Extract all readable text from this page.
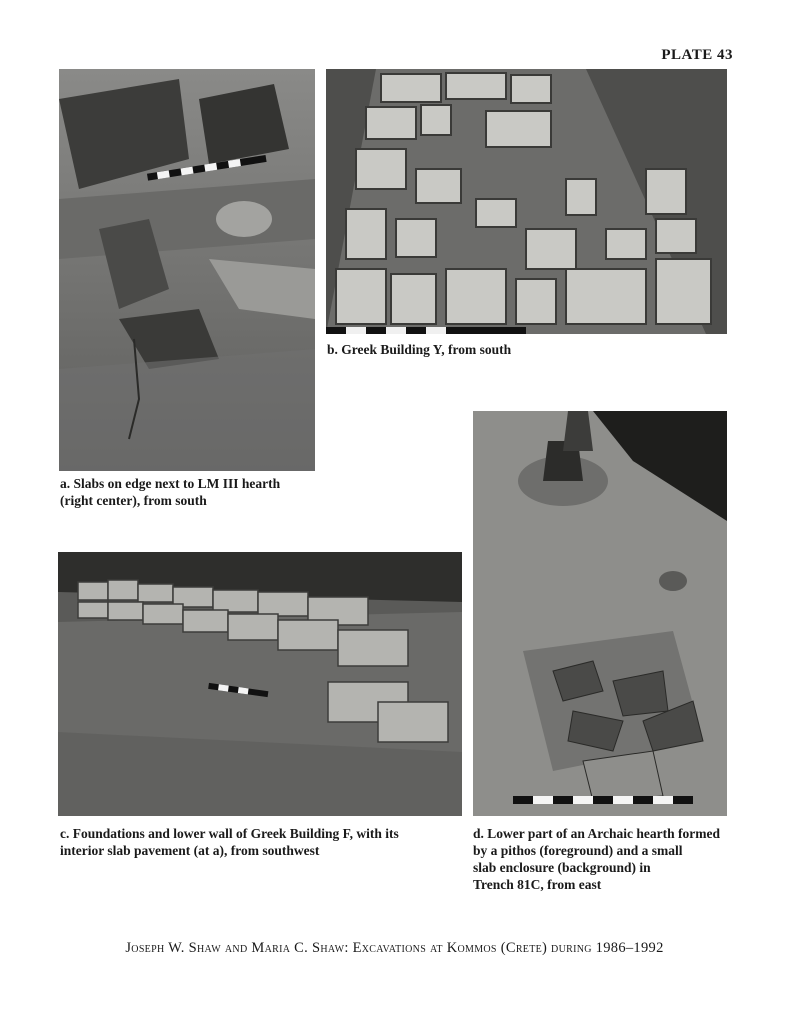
PLATE 43
a. Slabs on edge next to LM III hearth
(right center), from south
b. Greek Building Y, from south
c. Foundations and lower wall of Greek Building F, with its
interior slab pavement (at a), from southwest
d. Lower part of an Archaic hearth formed
by a pithos (foreground) and a small
slab enclosure (background) in
Trench 81C, from east
Joseph W. Shaw and Maria C. Shaw: Excavations at Kommos (Crete) during 1986–1992
